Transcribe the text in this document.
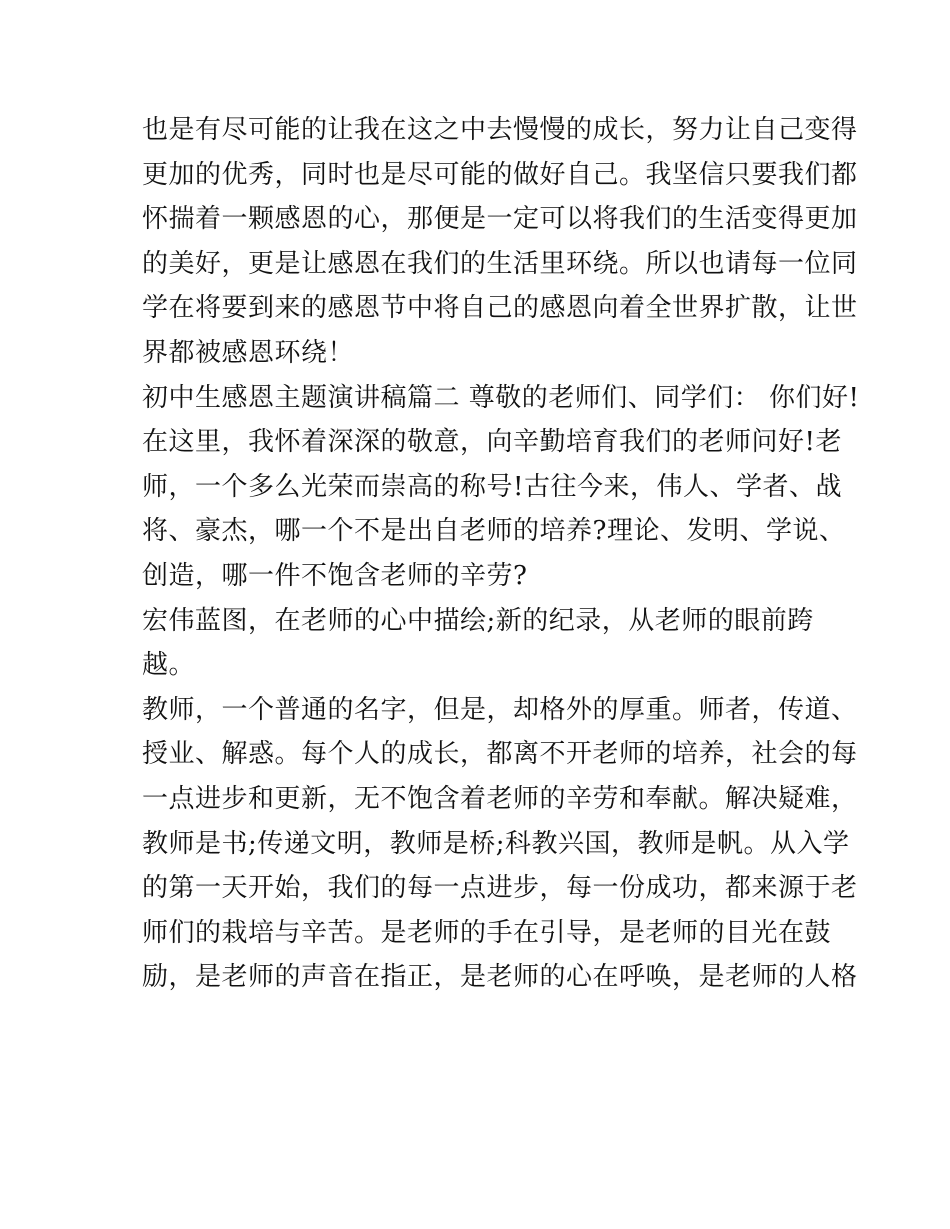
也是有尽可能的让我在这之中去慢慢的成长，努力让自己变得
更加的优秀，同时也是尽可能的做好自己。我坚信只要我们都
怀揣着一颗感恩的心，那便是一定可以将我们的生活变得更加
的美好，更是让感恩在我们的生活里环绕。所以也请每一位同
学在将要到来的感恩节中将自己的感恩向着全世界扩散，让世
界都被感恩环绕！
初中生感恩主题演讲稿篇二 尊敬的老师们、同学们： 你们好!
在这里，我怀着深深的敬意，向辛勤培育我们的老师问好!老
师，一个多么光荣而崇高的称号!古往今来，伟人、学者、战
将、豪杰，哪一个不是出自老师的培养?理论、发明、学说、
创造，哪一件不饱含老师的辛劳?
宏伟蓝图，在老师的心中描绘;新的纪录，从老师的眼前跨
越。
教师，一个普通的名字，但是，却格外的厚重。师者，传道、
授业、解惑。每个人的成长，都离不开老师的培养，社会的每
一点进步和更新，无不饱含着老师的辛劳和奉献。解决疑难，
教师是书;传递文明，教师是桥;科教兴国，教师是帆。从入学
的第一天开始，我们的每一点进步，每一份成功，都来源于老
师们的栽培与辛苦。是老师的手在引导，是老师的目光在鼓
励，是老师的声音在指正，是老师的心在呼唤，是老师的人格
